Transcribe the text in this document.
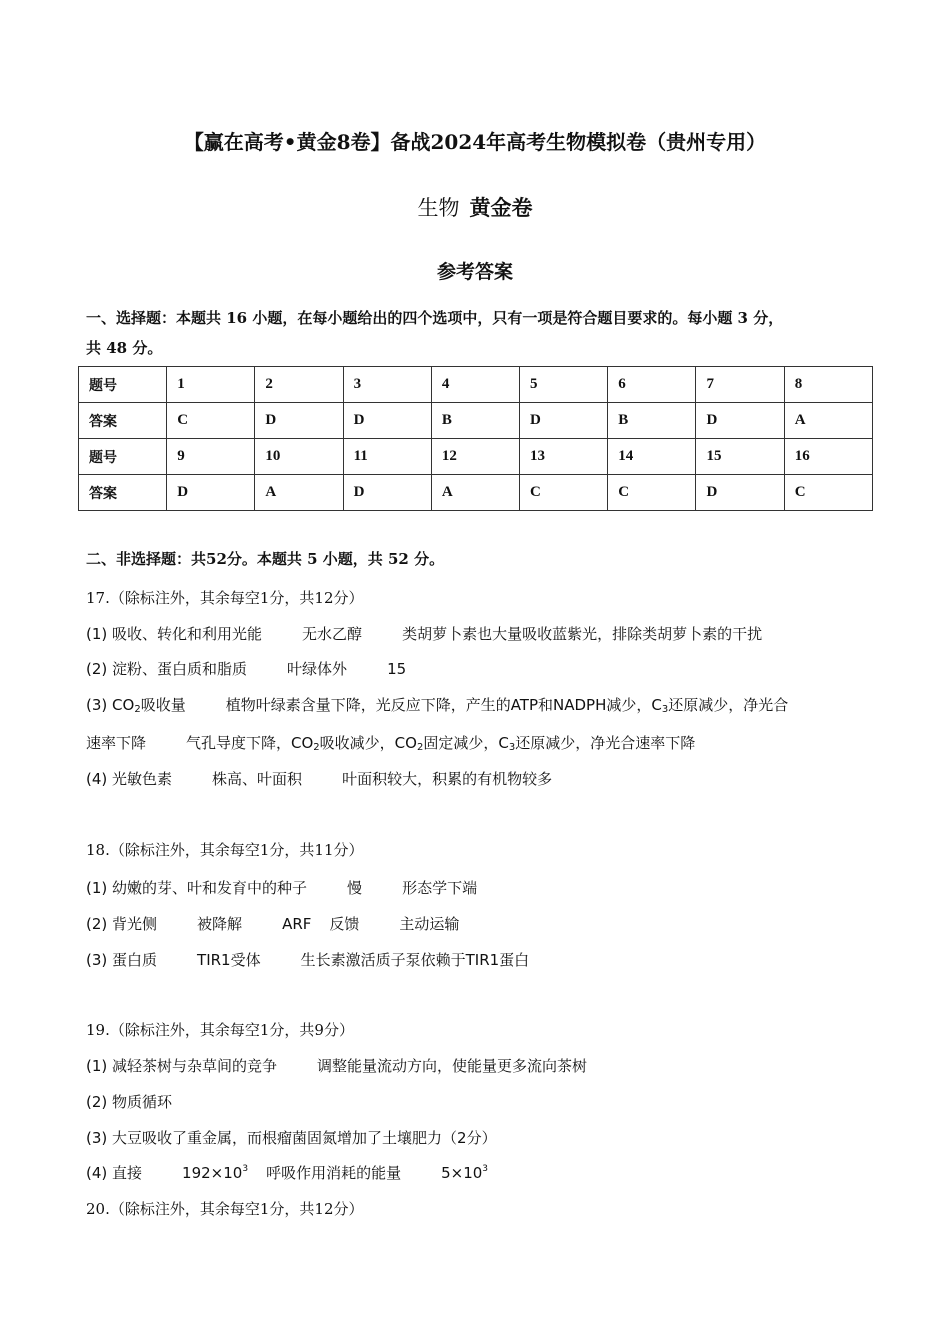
【赢在高考•黄金8卷】备战2024年高考生物模拟卷（贵州专用）
生物 黄金卷
参考答案
一、选择题：本题共 16 小题，在每小题给出的四个选项中，只有一项是符合题目要求的。每小题 3 分，
共 48 分。
题号	1	2	3	4	5	6	7	8
答案	C	D	D	B	D	B	D	A
题号	9	10	11	12	13	14	15	16
答案	D	A	D	A	C	C	D	C
二、非选择题：共52分。本题共 5 小题，共 52 分。
17.（除标注外，其余每空1分，共12分）
(1) 吸收、转化和利用光能	无水乙醇	类胡萝卜素也大量吸收蓝紫光，排除类胡萝卜素的干扰
(2) 淀粉、蛋白质和脂质	叶绿体外	15
(3) $CO_2$吸收量	植物叶绿素含量下降，光反应下降，产生的ATP和NADPH减少，$C_3$还原减少，净光合
速率下降	气孔导度下降，$CO_2$吸收减少，$CO_2$固定减少，$C_3$还原减少，净光合速率下降
(4) 光敏色素	株高、叶面积	叶面积较大，积累的有机物较多
18.（除标注外，其余每空1分，共11分）
(1) 幼嫩的芽、叶和发育中的种子	慢	形态学下端
(2) 背光侧	被降解	ARF 反馈	主动运输
(3) 蛋白质	TIR1受体	生长素激活质子泵依赖于TIR1蛋白
19.（除标注外，其余每空1分，共9分）
(1) 减轻茶树与杂草间的竞争	调整能量流动方向，使能量更多流向茶树
(2) 物质循环
(3) 大豆吸收了重金属，而根瘤菌固氮增加了土壤肥力（2分）
(4) 直接	$192\times 10^3$ 呼吸作用消耗的能量	$5\times 10^3$
20.（除标注外，其余每空1分，共12分）
